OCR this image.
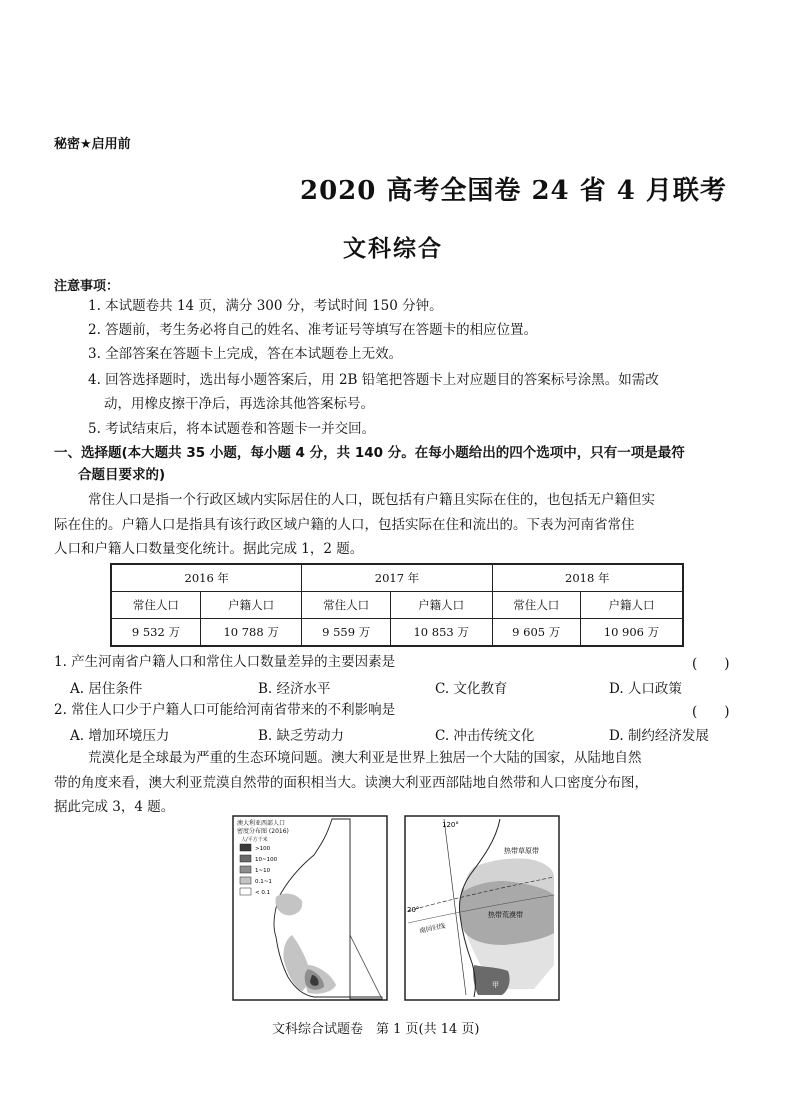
秘密★启用前
2020 高考全国卷 24 省 4 月联考
文科综合
注意事项：
1. 本试题卷共 14 页，满分 300 分，考试时间 150 分钟。
2. 答题前，考生务必将自己的姓名、准考证号等填写在答题卡的相应位置。
3. 全部答案在答题卡上完成，答在本试题卷上无效。
4. 回答选择题时，选出每小题答案后，用 2B 铅笔把答题卡上对应题目的答案标号涂黑。如需改
动，用橡皮擦干净后，再选涂其他答案标号。
5. 考试结束后，将本试题卷和答题卡一并交回。
一、选择题(本大题共 35 小题，每小题 4 分，共 140 分。在每小题给出的四个选项中，只有一项是最符
合题目要求的)
常住人口是指一个行政区域内实际居住的人口，既包括有户籍且实际在住的，也包括无户籍但实
际在住的。户籍人口是指具有该行政区域户籍的人口，包括实际在住和流出的。下表为河南省常住
人口和户籍人口数量变化统计。据此完成 1，2 题。
2016 年		2017 年		2018 年	
常住人口	户籍人口	常住人口	户籍人口	常住人口	户籍人口
9 532 万	10 788 万	9 559 万	10 853 万	9 605 万	10 906 万
1. 产生河南省户籍人口和常住人口数量差异的主要因素是	(　　)
A. 居住条件	B. 经济水平	C. 文化教育	D. 人口政策
2. 常住人口少于户籍人口可能给河南省带来的不利影响是	(　　)
A. 增加环境压力	B. 缺乏劳动力	C. 冲击传统文化	D. 制约经济发展
荒漠化是全球最为严重的生态环境问题。澳大利亚是世界上独居一个大陆的国家，从陆地自然
带的角度来看，澳大利亚荒漠自然带的面积相当大。读澳大利亚西部陆地自然带和人口密度分布图，
据此完成 3，4 题。
澳大利亚西部人口
密度分布图 (2016)
人/平方千米
>100
10~100
1~10
0.1~1
< 0.1
120°
20°
南回归线
热带草原带
热带荒漠带
甲
文科综合试题卷　第 1 页(共 14 页)
